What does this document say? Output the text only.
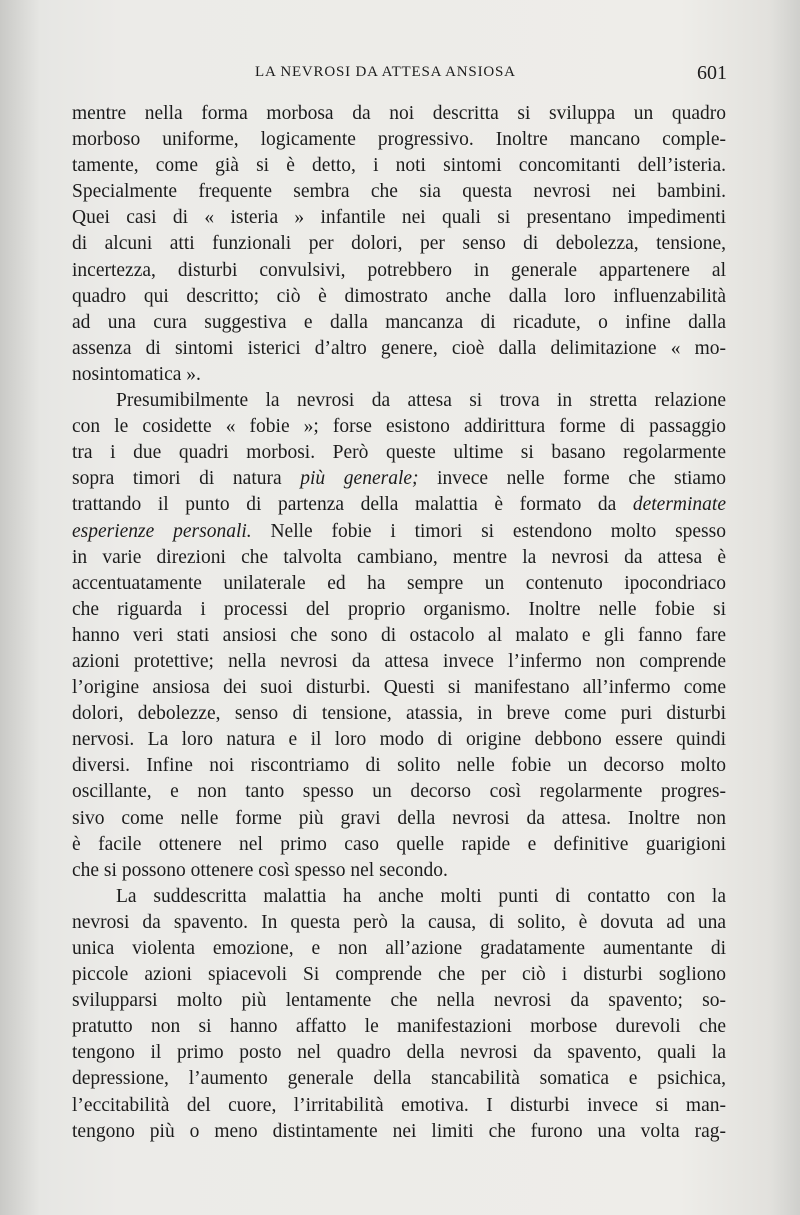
LA NEVROSI DA ATTESA ANSIOSA	601
mentre nella forma morbosa da noi descritta si sviluppa un quadro
morboso uniforme, logicamente progressivo. Inoltre mancano comple-
tamente, come già si è detto, i noti sintomi concomitanti dell’isteria.
Specialmente frequente sembra che sia questa nevrosi nei bambini.
Quei casi di « isteria » infantile nei quali si presentano impedimenti
di alcuni atti funzionali per dolori, per senso di debolezza, tensione,
incertezza, disturbi convulsivi, potrebbero in generale appartenere al
quadro qui descritto; ciò è dimostrato anche dalla loro influenzabilità
ad una cura suggestiva e dalla mancanza di ricadute, o infine dalla
assenza di sintomi isterici d’altro genere, cioè dalla delimitazione « mo-
nosintomatica ».
Presumibilmente la nevrosi da attesa si trova in stretta relazione
con le cosidette « fobie »; forse esistono addirittura forme di passaggio
tra i due quadri morbosi. Però queste ultime si basano regolarmente
sopra timori di natura più generale; invece nelle forme che stiamo
trattando il punto di partenza della malattia è formato da determinate
esperienze personali. Nelle fobie i timori si estendono molto spesso
in varie direzioni che talvolta cambiano, mentre la nevrosi da attesa è
accentuatamente unilaterale ed ha sempre un contenuto ipocondriaco
che riguarda i processi del proprio organismo. Inoltre nelle fobie si
hanno veri stati ansiosi che sono di ostacolo al malato e gli fanno fare
azioni protettive; nella nevrosi da attesa invece l’infermo non comprende
l’origine ansiosa dei suoi disturbi. Questi si manifestano all’infermo come
dolori, debolezze, senso di tensione, atassia, in breve come puri disturbi
nervosi. La loro natura e il loro modo di origine debbono essere quindi
diversi. Infine noi riscontriamo di solito nelle fobie un decorso molto
oscillante, e non tanto spesso un decorso così regolarmente progres-
sivo come nelle forme più gravi della nevrosi da attesa. Inoltre non
è facile ottenere nel primo caso quelle rapide e definitive guarigioni
che si possono ottenere così spesso nel secondo.
La suddescritta malattia ha anche molti punti di contatto con la
nevrosi da spavento. In questa però la causa, di solito, è dovuta ad una
unica violenta emozione, e non all’azione gradatamente aumentante di
piccole azioni spiacevoli Si comprende che per ciò i disturbi sogliono
svilupparsi molto più lentamente che nella nevrosi da spavento; so-
pratutto non si hanno affatto le manifestazioni morbose durevoli che
tengono il primo posto nel quadro della nevrosi da spavento, quali la
depressione, l’aumento generale della stancabilità somatica e psichica,
l’eccitabilità del cuore, l’irritabilità emotiva. I disturbi invece si man-
tengono più o meno distintamente nei limiti che furono una volta rag-
